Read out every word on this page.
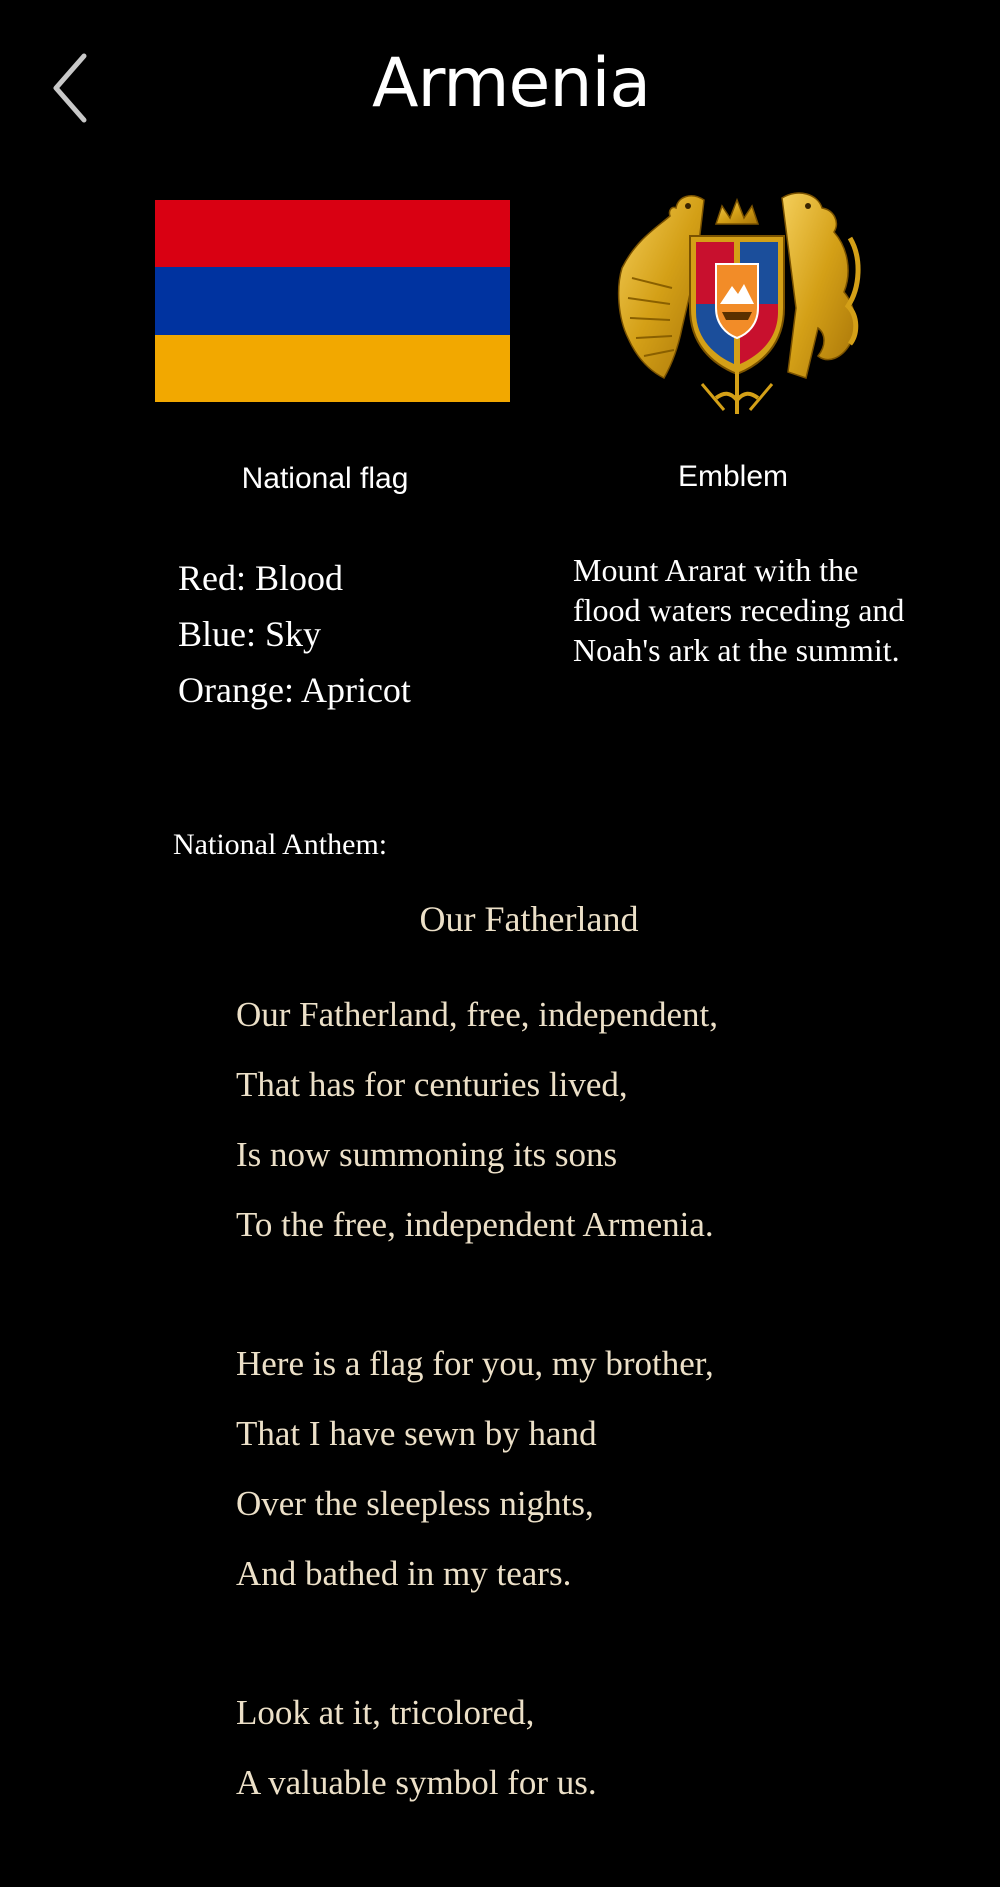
Armenia
National flag	Emblem
Red: Blood
Blue: Sky
Orange: Apricot
Mount Ararat with the flood waters receding and Noah's ark at the summit.
National Anthem:
Our Fatherland
Our Fatherland, free, independent,
That has for centuries lived,
Is now summoning its sons
To the free, independent Armenia.
Here is a flag for you, my brother,
That I have sewn by hand
Over the sleepless nights,
And bathed in my tears.
Look at it, tricolored,
A valuable symbol for us.
